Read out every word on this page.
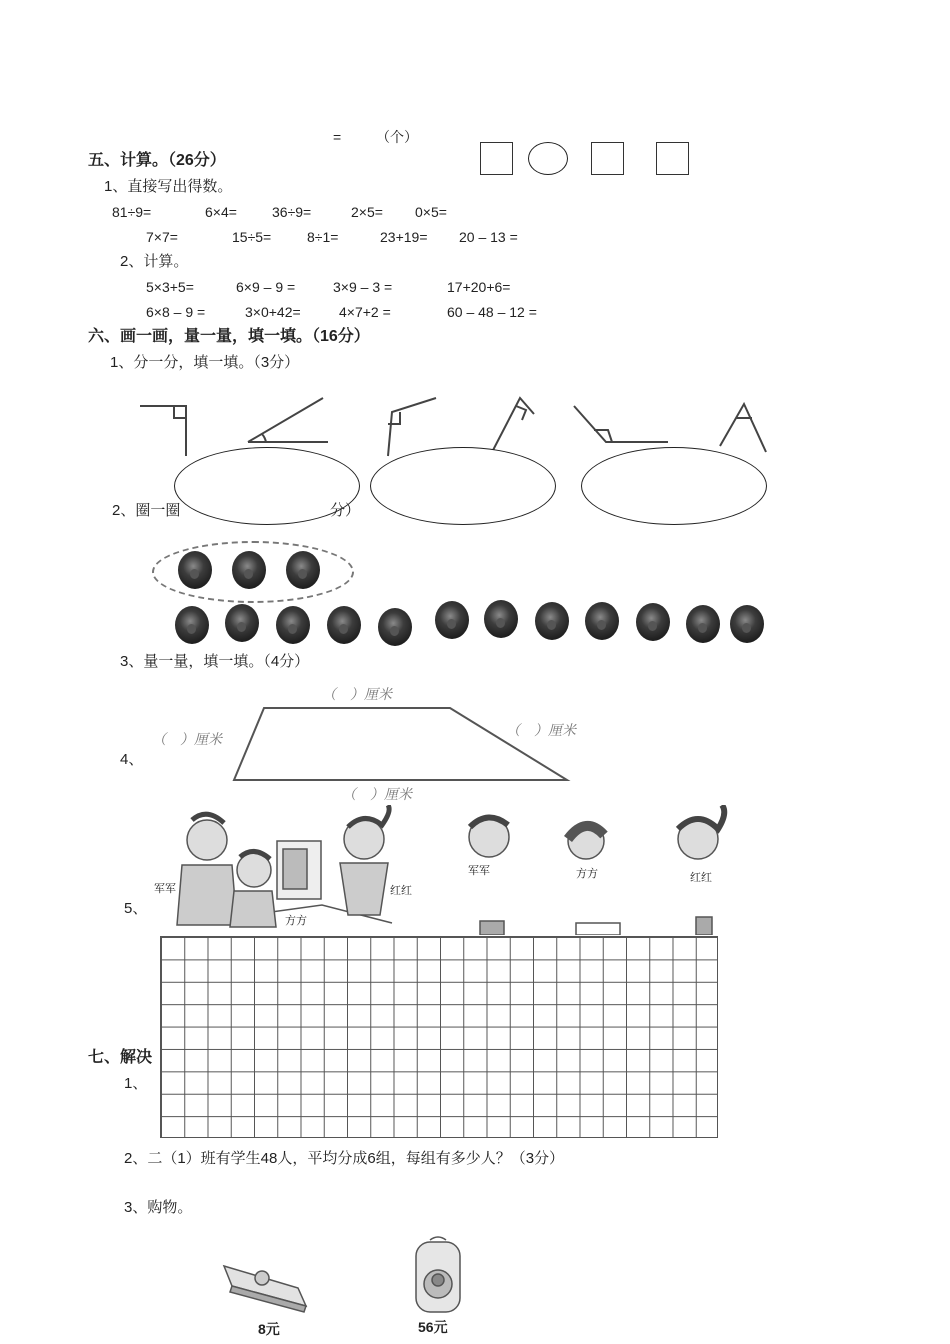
= （个）
五、计算。（26分）
1、直接写出得数。
81÷9=	6×4=	36÷9=	2×5= 0×5=
7×7=	15÷5=	8÷1=	23+19= 20 – 13 =
2、计算。
5×3+5=	6×9 – 9 =	3×9 – 3 =	17+20+6=
6×8 – 9 =	3×0+42=	4×7+2 =	60 – 48 – 12 =
六、画一画，量一量，填一填。（16分）
1、分一分，填一填。（3分）
2、圈一圈	分）
3、量一量，填一填。（4分）
（　）厘米
（　）厘米
（　）厘米
（　）厘米
4、
军军
方方
红红
军军	方方	红红
5、
七、解决
1、
2、二（1）班有学生48人，平均分成6组，每组有多少人？（3分）
3、购物。
8元	56元
